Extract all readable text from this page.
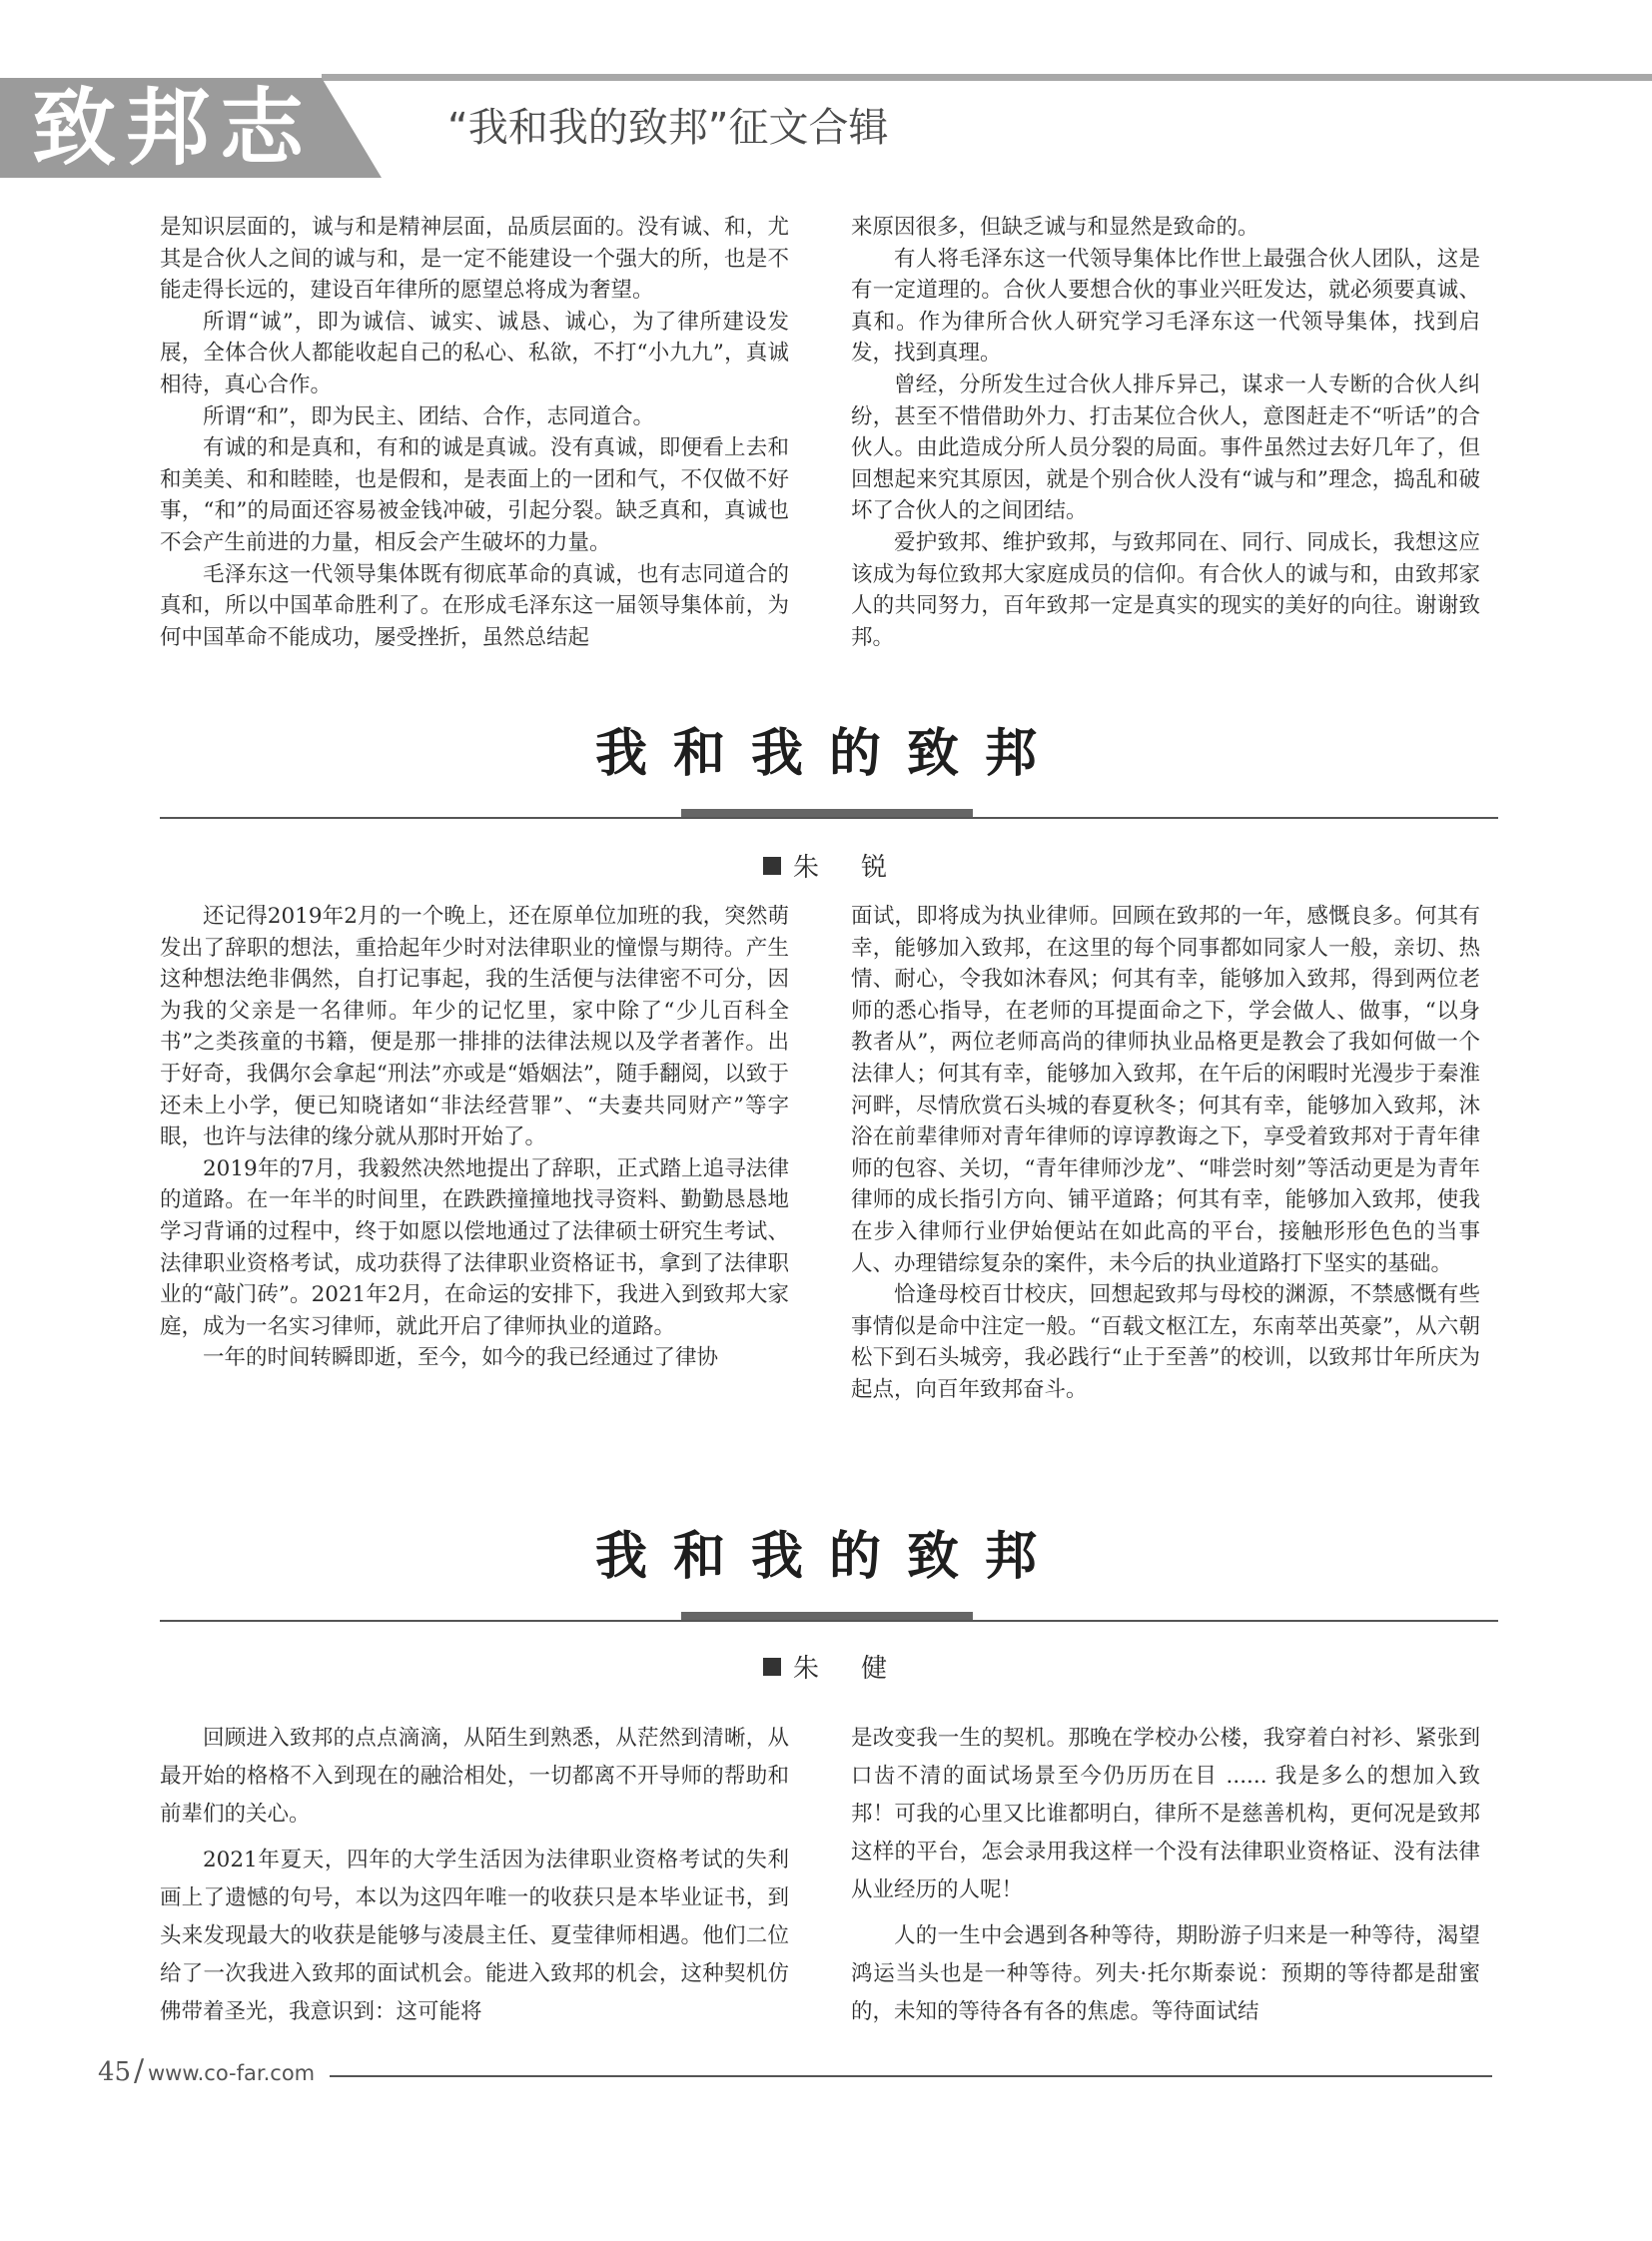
致邦志	“我和我的致邦”征文合辑

是知识层面的，诚与和是精神层面，品质层面的。没有诚、和，尤其是合伙人之间的诚与和，是一定不能建设一个强大的所，也是不能走得长远的，建设百年律所的愿望总将成为奢望。

所谓“诚”，即为诚信、诚实、诚恳、诚心，为了律所建设发展，全体合伙人都能收起自己的私心、私欲，不打“小九九”，真诚相待，真心合作。

所谓“和”，即为民主、团结、合作，志同道合。

有诚的和是真和，有和的诚是真诚。没有真诚，即便看上去和和美美、和和睦睦，也是假和，是表面上的一团和气，不仅做不好事，“和”的局面还容易被金钱冲破，引起分裂。缺乏真和，真诚也不会产生前进的力量，相反会产生破坏的力量。

毛泽东这一代领导集体既有彻底革命的真诚，也有志同道合的真和，所以中国革命胜利了。在形成毛泽东这一届领导集体前，为何中国革命不能成功，屡受挫折，虽然总结起

来原因很多，但缺乏诚与和显然是致命的。

有人将毛泽东这一代领导集体比作世上最强合伙人团队，这是有一定道理的。合伙人要想合伙的事业兴旺发达，就必须要真诚、真和。作为律所合伙人研究学习毛泽东这一代领导集体，找到启发，找到真理。

曾经，分所发生过合伙人排斥异己，谋求一人专断的合伙人纠纷，甚至不惜借助外力、打击某位合伙人，意图赶走不“听话”的合伙人。由此造成分所人员分裂的局面。事件虽然过去好几年了，但回想起来究其原因，就是个别合伙人没有“诚与和”理念，捣乱和破坏了合伙人的之间团结。

爱护致邦、维护致邦，与致邦同在、同行、同成长，我想这应该成为每位致邦大家庭成员的信仰。有合伙人的诚与和，由致邦家人的共同努力，百年致邦一定是真实的现实的美好的向往。谢谢致邦。

我和我的致邦
朱　锐

还记得2019年2月的一个晚上，还在原单位加班的我，突然萌发出了辞职的想法，重拾起年少时对法律职业的憧憬与期待。产生这种想法绝非偶然，自打记事起，我的生活便与法律密不可分，因为我的父亲是一名律师。年少的记忆里，家中除了“少儿百科全书”之类孩童的书籍，便是那一排排的法律法规以及学者著作。出于好奇，我偶尔会拿起“刑法”亦或是“婚姻法”，随手翻阅，以致于还未上小学，便已知晓诸如“非法经营罪”、“夫妻共同财产”等字眼，也许与法律的缘分就从那时开始了。

2019年的7月，我毅然决然地提出了辞职，正式踏上追寻法律的道路。在一年半的时间里，在跌跌撞撞地找寻资料、勤勤恳恳地学习背诵的过程中，终于如愿以偿地通过了法律硕士研究生考试、法律职业资格考试，成功获得了法律职业资格证书，拿到了法律职业的“敲门砖”。2021年2月，在命运的安排下，我进入到致邦大家庭，成为一名实习律师，就此开启了律师执业的道路。

一年的时间转瞬即逝，至今，如今的我已经通过了律协

面试，即将成为执业律师。回顾在致邦的一年，感慨良多。何其有幸，能够加入致邦，在这里的每个同事都如同家人一般，亲切、热情、耐心，令我如沐春风；何其有幸，能够加入致邦，得到两位老师的悉心指导，在老师的耳提面命之下，学会做人、做事，“以身教者从”，两位老师高尚的律师执业品格更是教会了我如何做一个法律人；何其有幸，能够加入致邦，在午后的闲暇时光漫步于秦淮河畔，尽情欣赏石头城的春夏秋冬；何其有幸，能够加入致邦，沐浴在前辈律师对青年律师的谆谆教诲之下，享受着致邦对于青年律师的包容、关切，“青年律师沙龙”、“啡尝时刻”等活动更是为青年律师的成长指引方向、铺平道路；何其有幸，能够加入致邦，使我在步入律师行业伊始便站在如此高的平台，接触形形色色的当事人、办理错综复杂的案件，未今后的执业道路打下坚实的基础。

恰逢母校百廿校庆，回想起致邦与母校的渊源，不禁感慨有些事情似是命中注定一般。“百载文枢江左，东南萃出英豪”，从六朝松下到石头城旁，我必践行“止于至善”的校训，以致邦廿年所庆为起点，向百年致邦奋斗。

我和我的致邦
朱　健

回顾进入致邦的点点滴滴，从陌生到熟悉，从茫然到清晰，从最开始的格格不入到现在的融洽相处，一切都离不开导师的帮助和前辈们的关心。

2021年夏天，四年的大学生活因为法律职业资格考试的失利画上了遗憾的句号，本以为这四年唯一的收获只是本毕业证书，到头来发现最大的收获是能够与凌晨主任、夏莹律师相遇。他们二位给了一次我进入致邦的面试机会。能进入致邦的机会，这种契机仿佛带着圣光，我意识到：这可能将

是改变我一生的契机。那晚在学校办公楼，我穿着白衬衫、紧张到口齿不清的面试场景至今仍历历在目 ...... 我是多么的想加入致邦！可我的心里又比谁都明白，律所不是慈善机构，更何况是致邦这样的平台，怎会录用我这样一个没有法律职业资格证、没有法律从业经历的人呢！

人的一生中会遇到各种等待，期盼游子归来是一种等待，渴望鸿运当头也是一种等待。列夫·托尔斯泰说：预期的等待都是甜蜜的，未知的等待各有各的焦虑。等待面试结

45 / www.co-far.com
